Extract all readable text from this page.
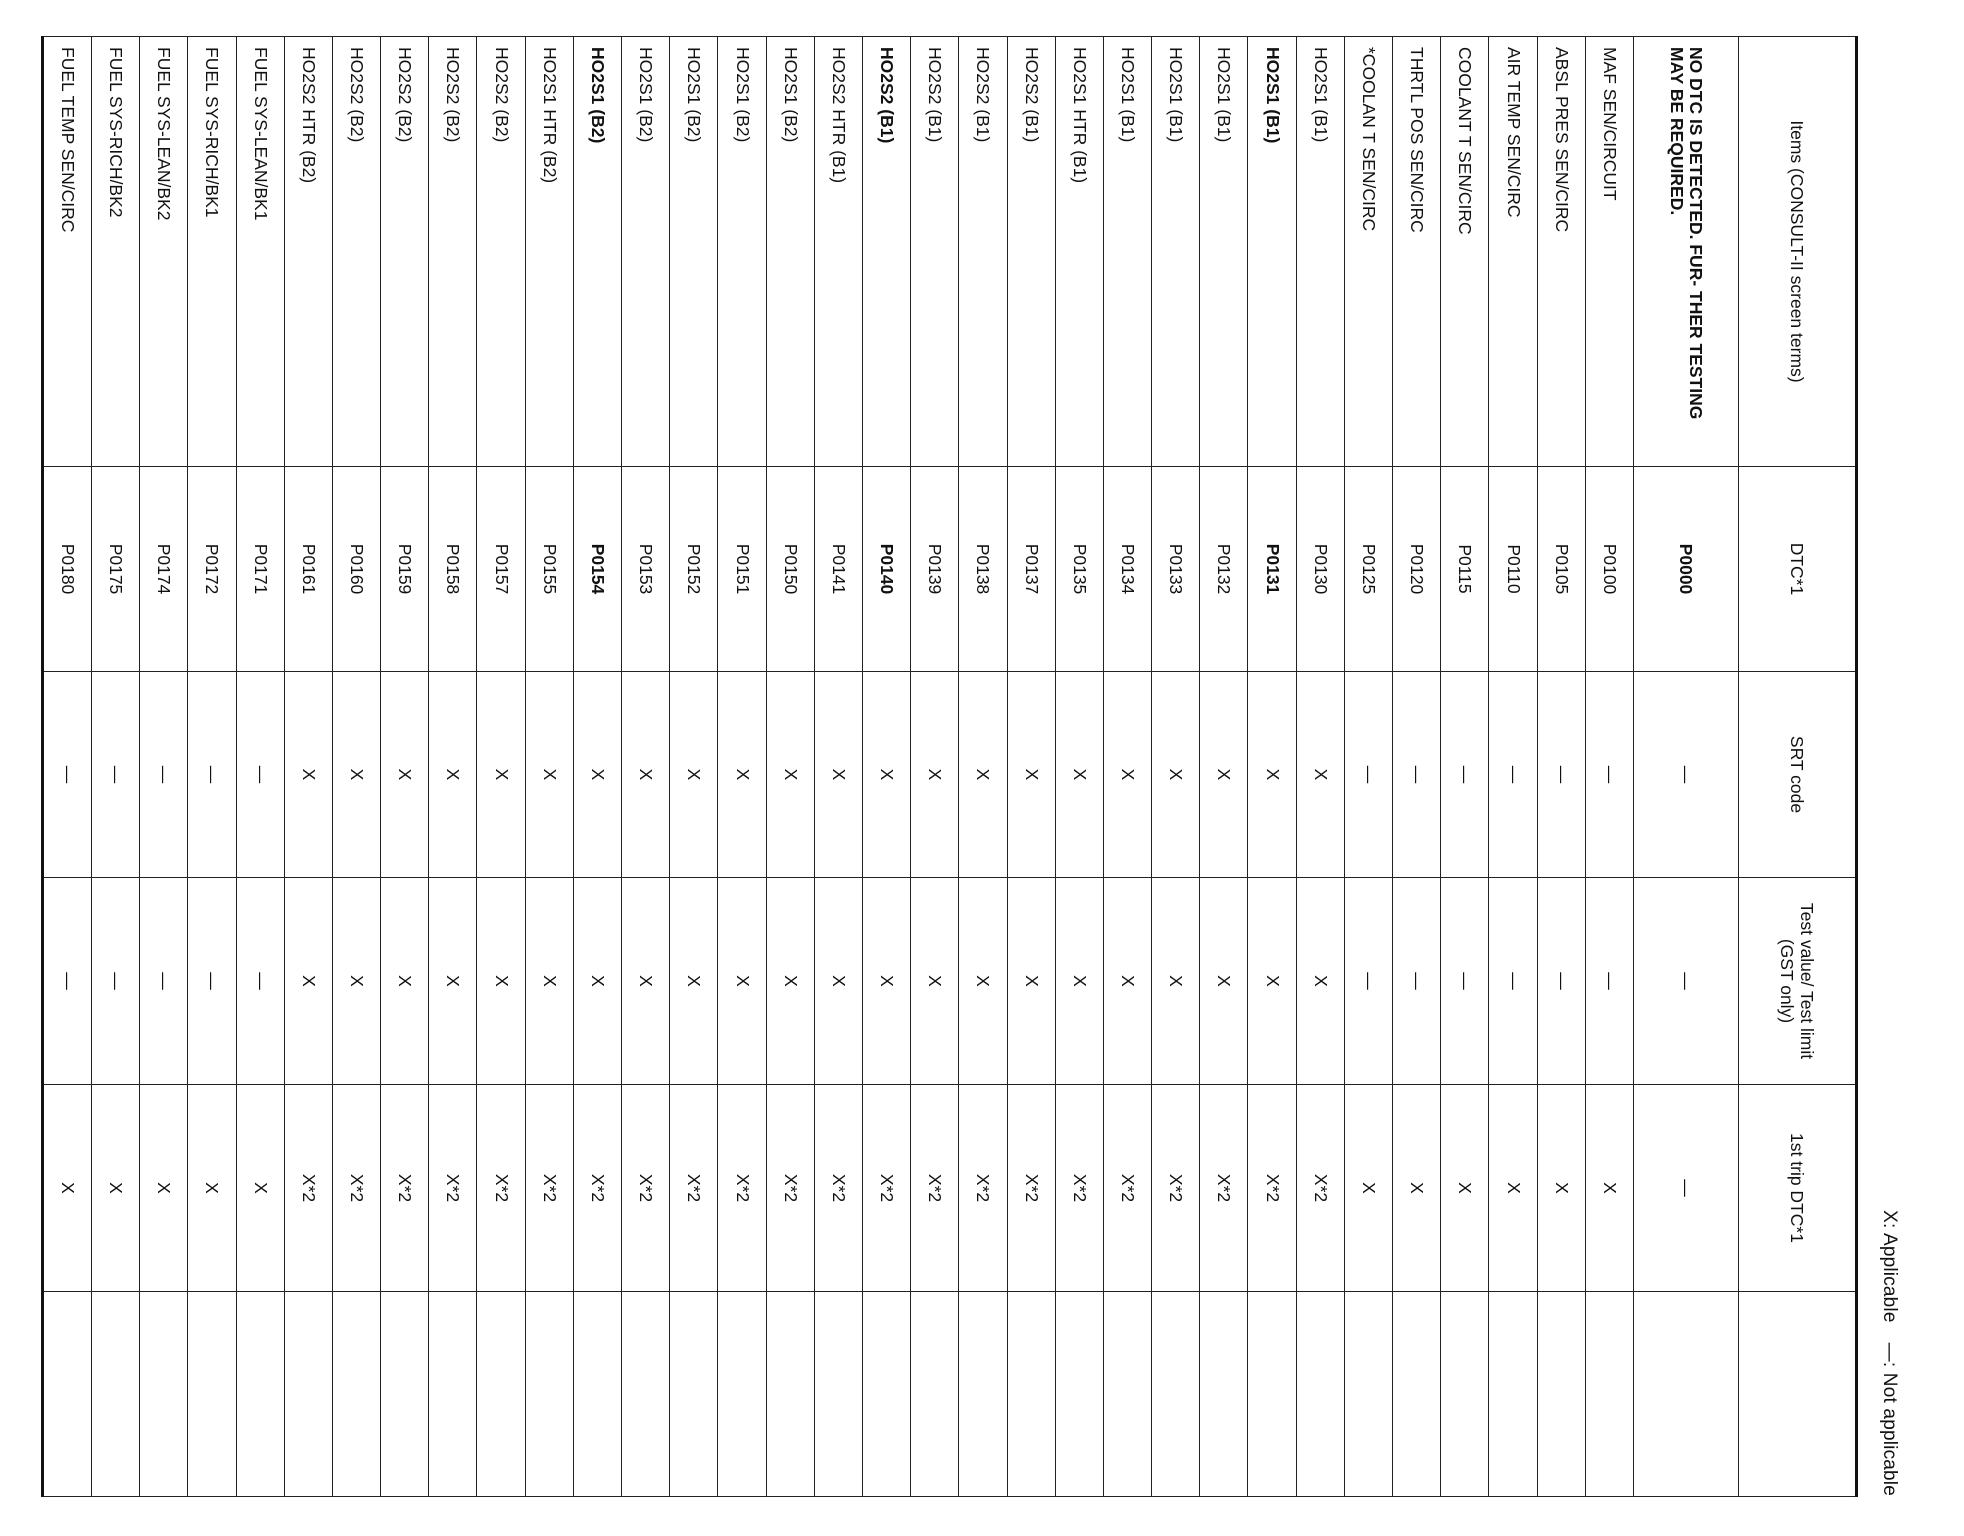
X: Applicable—: Not applicable
Items (CONSULT-II screen terms)	DTC*1	SRT code	Test value/ Test limit (GST only)	1st trip DTC*1	
NO DTC IS DETECTED. FUR- THER TESTING MAY BE REQUIRED.	P0000	—	—	—	
MAF SEN/CIRCUIT	P0100	—	—	X	
ABSL PRES SEN/CIRC	P0105	—	—	X	
AIR TEMP SEN/CIRC	P0110	—	—	X	
COOLANT T SEN/CIRC	P0115	—	—	X	
THRTL POS SEN/CIRC	P0120	—	—	X	
*COOLAN T SEN/CIRC	P0125	—	—	X	
HO2S1 (B1)	P0130	X	X	X*2	
HO2S1 (B1)	P0131	X	X	X*2	
HO2S1 (B1)	P0132	X	X	X*2	
HO2S1 (B1)	P0133	X	X	X*2	
HO2S1 (B1)	P0134	X	X	X*2	
HO2S1 HTR (B1)	P0135	X	X	X*2	
HO2S2 (B1)	P0137	X	X	X*2	
HO2S2 (B1)	P0138	X	X	X*2	
HO2S2 (B1)	P0139	X	X	X*2	
HO2S2 (B1)	P0140	X	X	X*2	
HO2S2 HTR (B1)	P0141	X	X	X*2	
HO2S1 (B2)	P0150	X	X	X*2	
HO2S1 (B2)	P0151	X	X	X*2	
HO2S1 (B2)	P0152	X	X	X*2	
HO2S1 (B2)	P0153	X	X	X*2	
HO2S1 (B2)	P0154	X	X	X*2	
HO2S1 HTR (B2)	P0155	X	X	X*2	
HO2S2 (B2)	P0157	X	X	X*2	
HO2S2 (B2)	P0158	X	X	X*2	
HO2S2 (B2)	P0159	X	X	X*2	
HO2S2 (B2)	P0160	X	X	X*2	
HO2S2 HTR (B2)	P0161	X	X	X*2	
FUEL SYS-LEAN/BK1	P0171	—	—	X	
FUEL SYS-RICH/BK1	P0172	—	—	X	
FUEL SYS-LEAN/BK2	P0174	—	—	X	
FUEL SYS-RICH/BK2	P0175	—	—	X	
FUEL TEMP SEN/CIRC	P0180	—	—	X	
